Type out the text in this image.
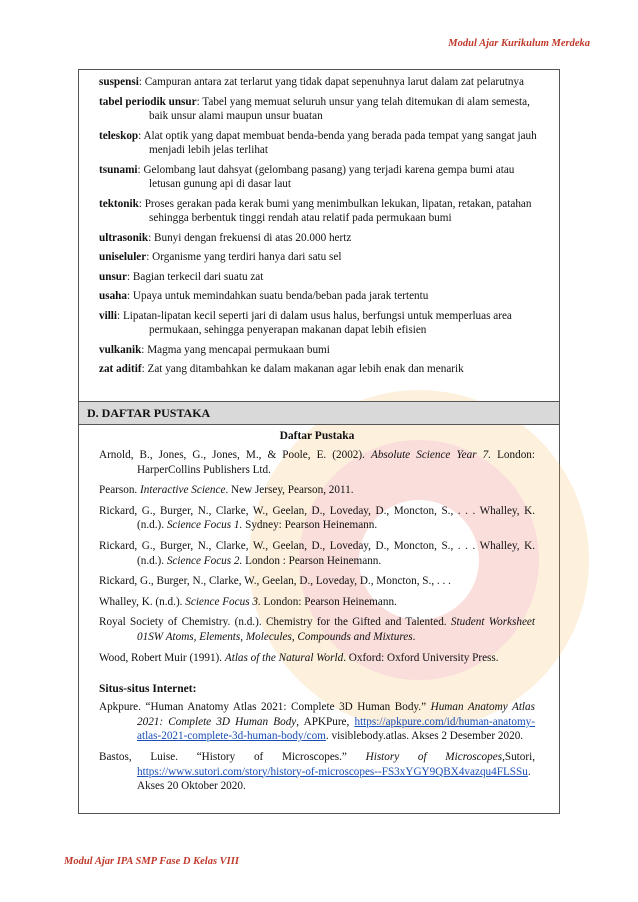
Modul Ajar Kurikulum Merdeka

suspensi: Campuran antara zat terlarut yang tidak dapat sepenuhnya larut dalam zat pelarutnya

tabel periodik unsur: Tabel yang memuat seluruh unsur yang telah ditemukan di alam semesta, baik unsur alami maupun unsur buatan

teleskop: Alat optik yang dapat membuat benda-benda yang berada pada tempat yang sangat jauh menjadi lebih jelas terlihat

tsunami: Gelombang laut dahsyat (gelombang pasang) yang terjadi karena gempa bumi atau letusan gunung api di dasar laut

tektonik: Proses gerakan pada kerak bumi yang menimbulkan lekukan, lipatan, retakan, patahan sehingga berbentuk tinggi rendah atau relatif pada permukaan bumi

ultrasonik: Bunyi dengan frekuensi di atas 20.000 hertz

uniseluler: Organisme yang terdiri hanya dari satu sel

unsur: Bagian terkecil dari suatu zat

usaha: Upaya untuk memindahkan suatu benda/beban pada jarak tertentu

villi: Lipatan-lipatan kecil seperti jari di dalam usus halus, berfungsi untuk memperluas area permukaan, sehingga penyerapan makanan dapat lebih efisien

vulkanik: Magma yang mencapai permukaan bumi

zat aditif: Zat yang ditambahkan ke dalam makanan agar lebih enak dan menarik

D. DAFTAR PUSTAKA

Daftar Pustaka

Arnold, B., Jones, G., Jones, M., & Poole, E. (2002). Absolute Science Year 7. London: HarperCollins Publishers Ltd.

Pearson. Interactive Science. New Jersey, Pearson, 2011.

Rickard, G., Burger, N., Clarke, W., Geelan, D., Loveday, D., Moncton, S., . . . Whalley, K. (n.d.). Science Focus 1. Sydney: Pearson Heinemann.

Rickard, G., Burger, N., Clarke, W., Geelan, D., Loveday, D., Moncton, S., . . . Whalley, K. (n.d.). Science Focus 2. London : Pearson Heinemann.

Rickard, G., Burger, N., Clarke, W., Geelan, D., Loveday, D., Moncton, S., . . .

Whalley, K. (n.d.). Science Focus 3. London: Pearson Heinemann.

Royal Society of Chemistry. (n.d.). Chemistry for the Gifted and Talented. Student Worksheet 01SW Atoms, Elements, Molecules, Compounds and Mixtures.

Wood, Robert Muir (1991). Atlas of the Natural World. Oxford: Oxford University Press.

Situs-situs Internet:

Apkpure. “Human Anatomy Atlas 2021: Complete 3D Human Body.” Human Anatomy Atlas 2021: Complete 3D Human Body, APKPure, https://apkpure.com/id/human-anatomy-atlas-2021-complete-3d-human-body/com. visiblebody.atlas. Akses 2 Desember 2020.

Bastos, Luise. “History of Microscopes.” History of Microscopes,Sutori, https://www.sutori.com/story/history-of-microscopes--FS3xYGY9QBX4vazqu4FLSSu. Akses 20 Oktober 2020.

Modul Ajar IPA SMP Fase D Kelas VIII
